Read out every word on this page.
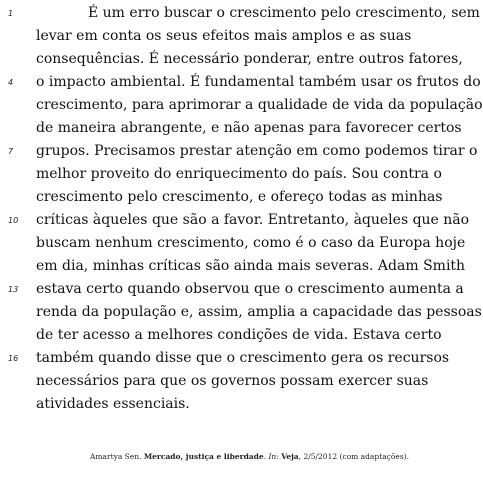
1
4
7
10
13
16
É um erro buscar o crescimento pelo crescimento, sem
levar em conta os seus efeitos mais amplos e as suas
consequências. É necessário ponderar, entre outros fatores,
o impacto ambiental. É fundamental também usar os frutos do
crescimento, para aprimorar a qualidade de vida da população
de maneira abrangente, e não apenas para favorecer certos
grupos. Precisamos prestar atenção em como podemos tirar o
melhor proveito do enriquecimento do país. Sou contra o
crescimento pelo crescimento, e ofereço todas as minhas
críticas àqueles que são a favor. Entretanto, àqueles que não
buscam nenhum crescimento, como é o caso da Europa hoje
em dia, minhas críticas são ainda mais severas. Adam Smith
estava certo quando observou que o crescimento aumenta a
renda da população e, assim, amplia a capacidade das pessoas
de ter acesso a melhores condições de vida. Estava certo
também quando disse que o crescimento gera os recursos
necessários para que os governos possam exercer suas
atividades essenciais.
Amartya Sen. Mercado, justiça e liberdade. In: Veja, 2/5/2012 (com adaptações).
